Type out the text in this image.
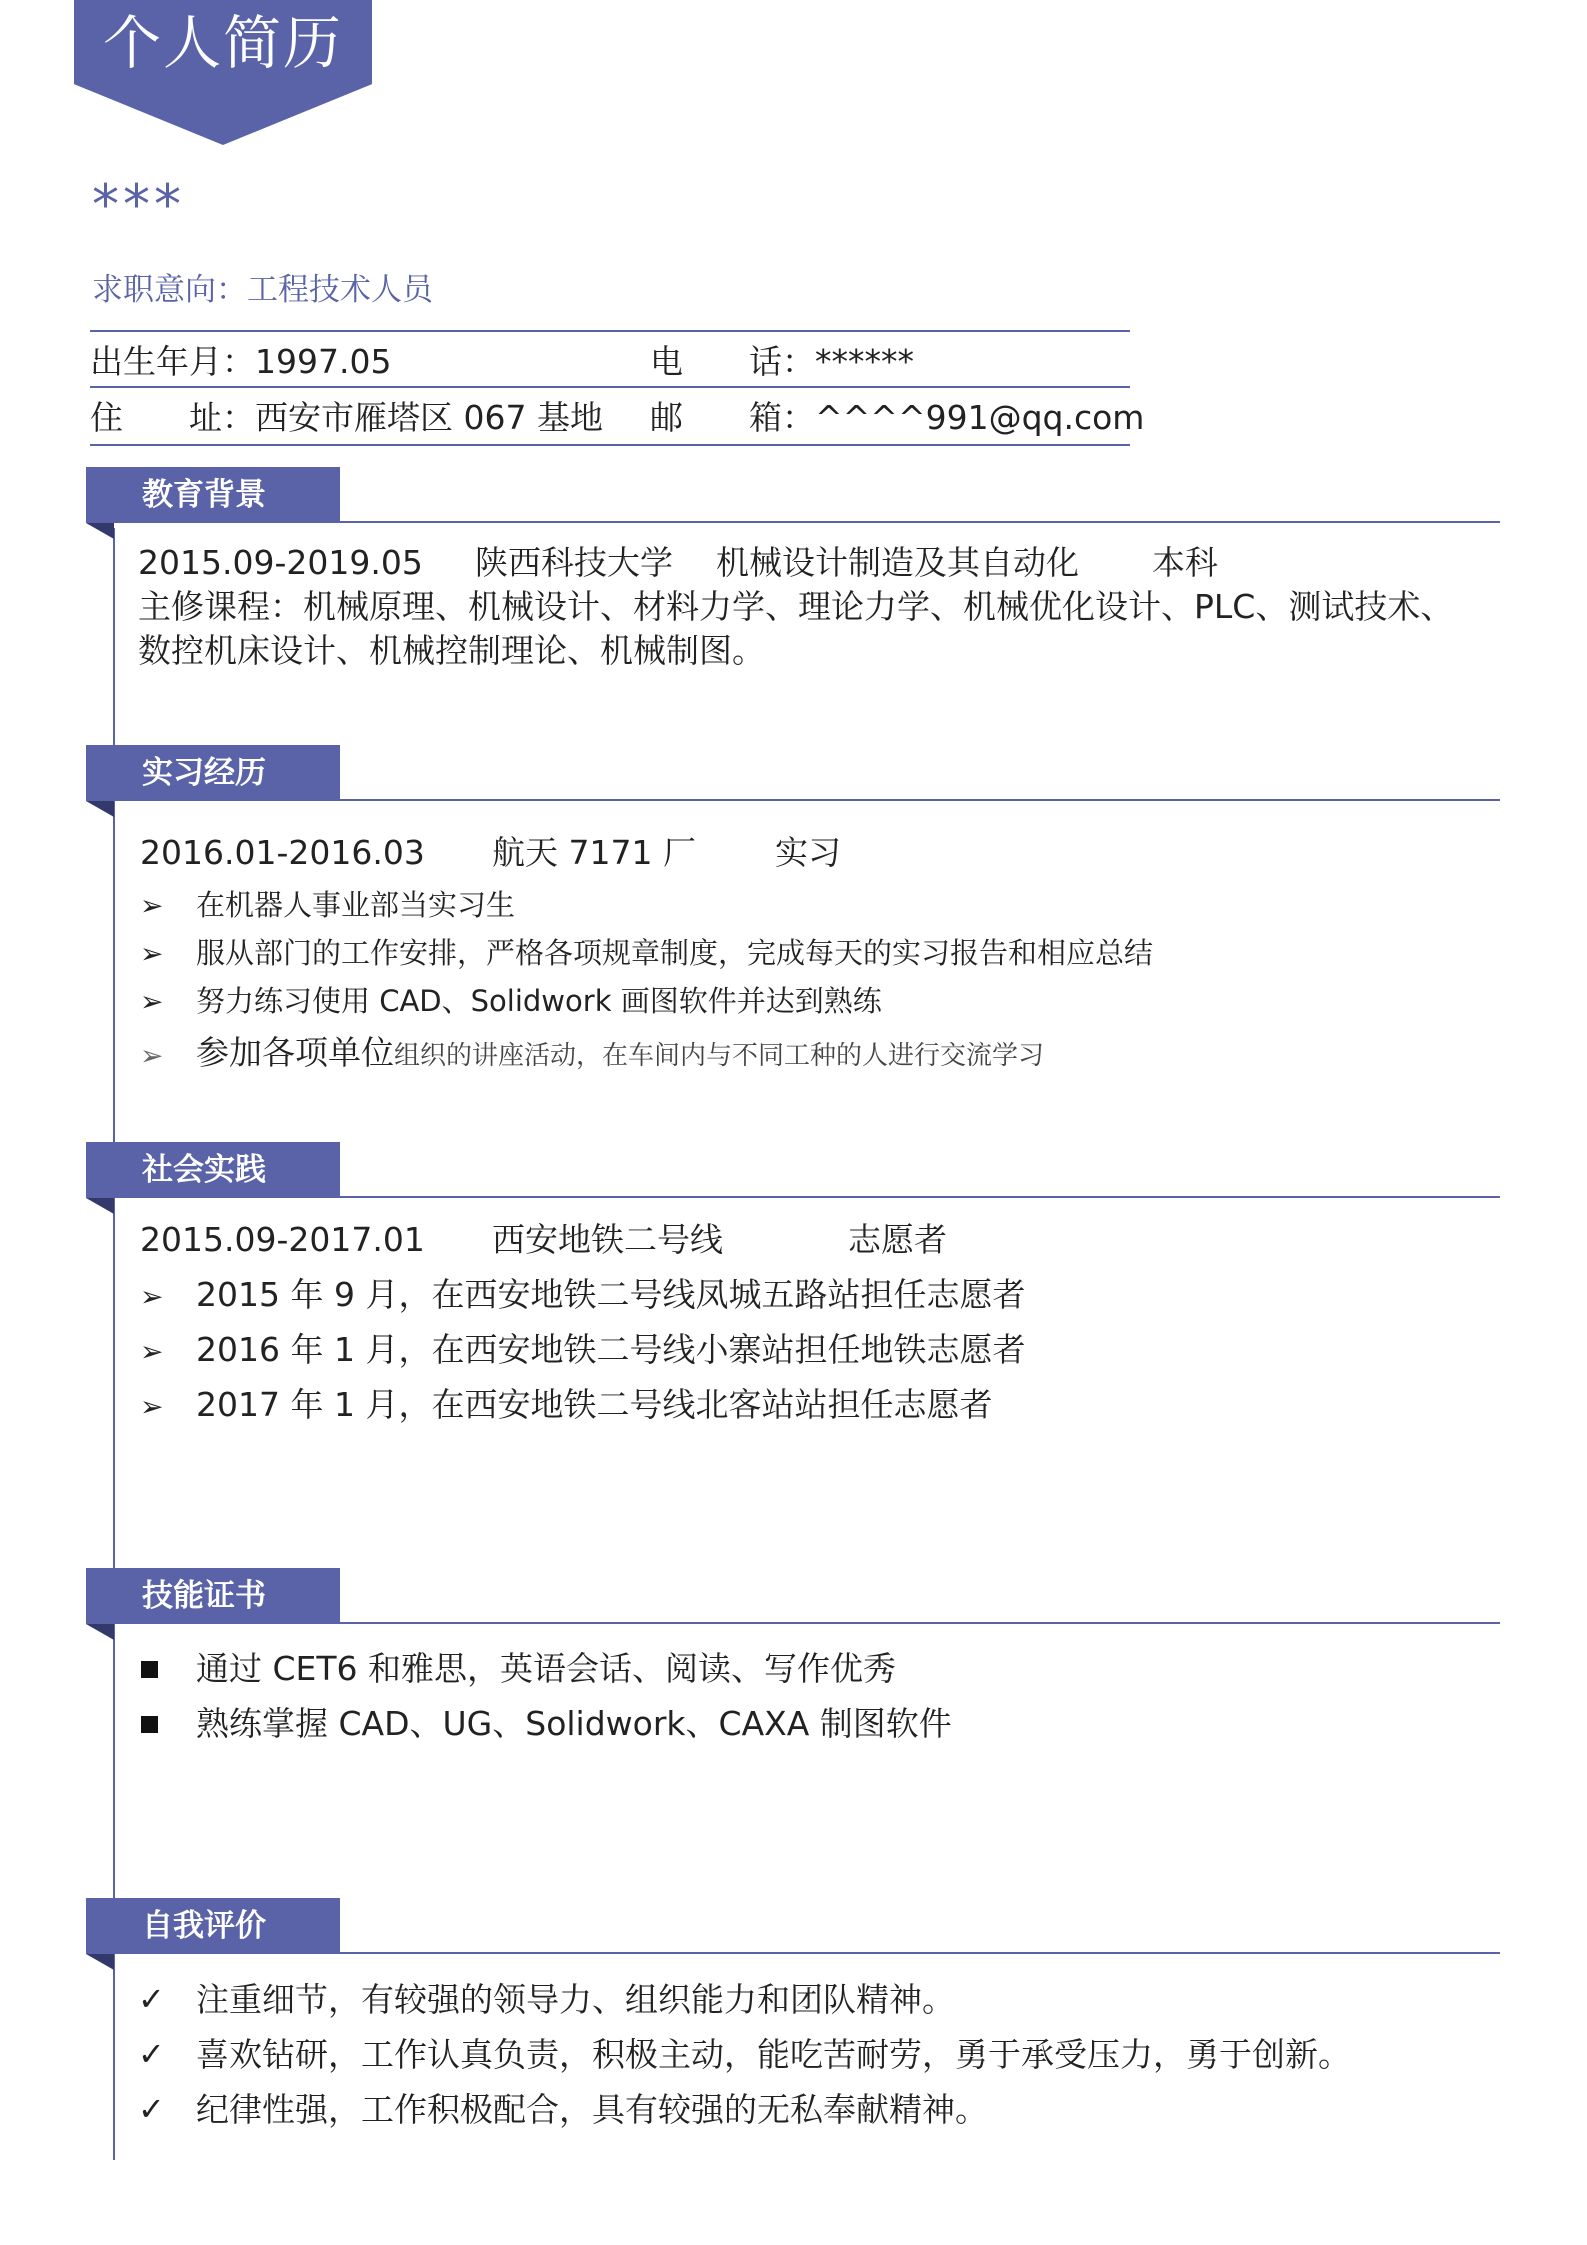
个人简历
***
求职意向：工程技术人员
出生年月：1997.05	电　　话：******
住　　址：西安市雁塔区 067 基地 邮　　箱：^^^^991@qq.com
教育背景
2015.09-2019.05 陕西科技大学 机械设计制造及其自动化 本科
主修课程：机械原理、机械设计、材料力学、理论力学、机械优化设计、PLC、测试技术、
数控机床设计、机械控制理论、机械制图。
实习经历
2016.01-2016.03 航天 7171 厂 实习
➢ 在机器人事业部当实习生
➢ 服从部门的工作安排，严格各项规章制度，完成每天的实习报告和相应总结
➢ 努力练习使用 CAD、Solidwork 画图软件并达到熟练
➢ 参加各项单位组织的讲座活动，在车间内与不同工种的人进行交流学习
社会实践
2015.09-2017.01 西安地铁二号线	志愿者
➢ 2015 年 9 月，在西安地铁二号线凤城五路站担任志愿者
➢ 2016 年 1 月，在西安地铁二号线小寨站担任地铁志愿者
➢ 2017 年 1 月，在西安地铁二号线北客站站担任志愿者
技能证书
通过 CET6 和雅思，英语会话、阅读、写作优秀
熟练掌握 CAD、UG、Solidwork、CAXA 制图软件
自我评价
✓ 注重细节，有较强的领导力、组织能力和团队精神。
✓ 喜欢钻研，工作认真负责，积极主动，能吃苦耐劳，勇于承受压力，勇于创新。
✓ 纪律性强，工作积极配合，具有较强的无私奉献精神。
